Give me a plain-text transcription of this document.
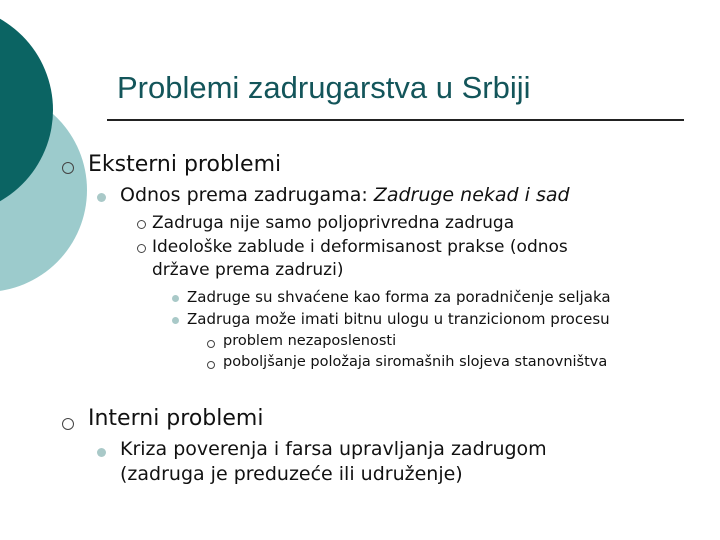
Problemi zadrugarstva u Srbiji
Eksterni problemi
Odnos prema zadrugama: Zadruge nekad i sad
Zadruga nije samo poljoprivredna zadruga
Ideološke zablude i deformisanost prakse (odnos
države prema zadruzi)
Zadruge su shvaćene kao forma za poradničenje seljaka
Zadruga može imati bitnu ulogu u tranzicionom procesu
problem nezaposlenosti
poboljšanje položaja siromašnih slojeva stanovništva
Interni problemi
Kriza poverenja i farsa upravljanja zadrugom
(zadruga je preduzeće ili udruženje)
